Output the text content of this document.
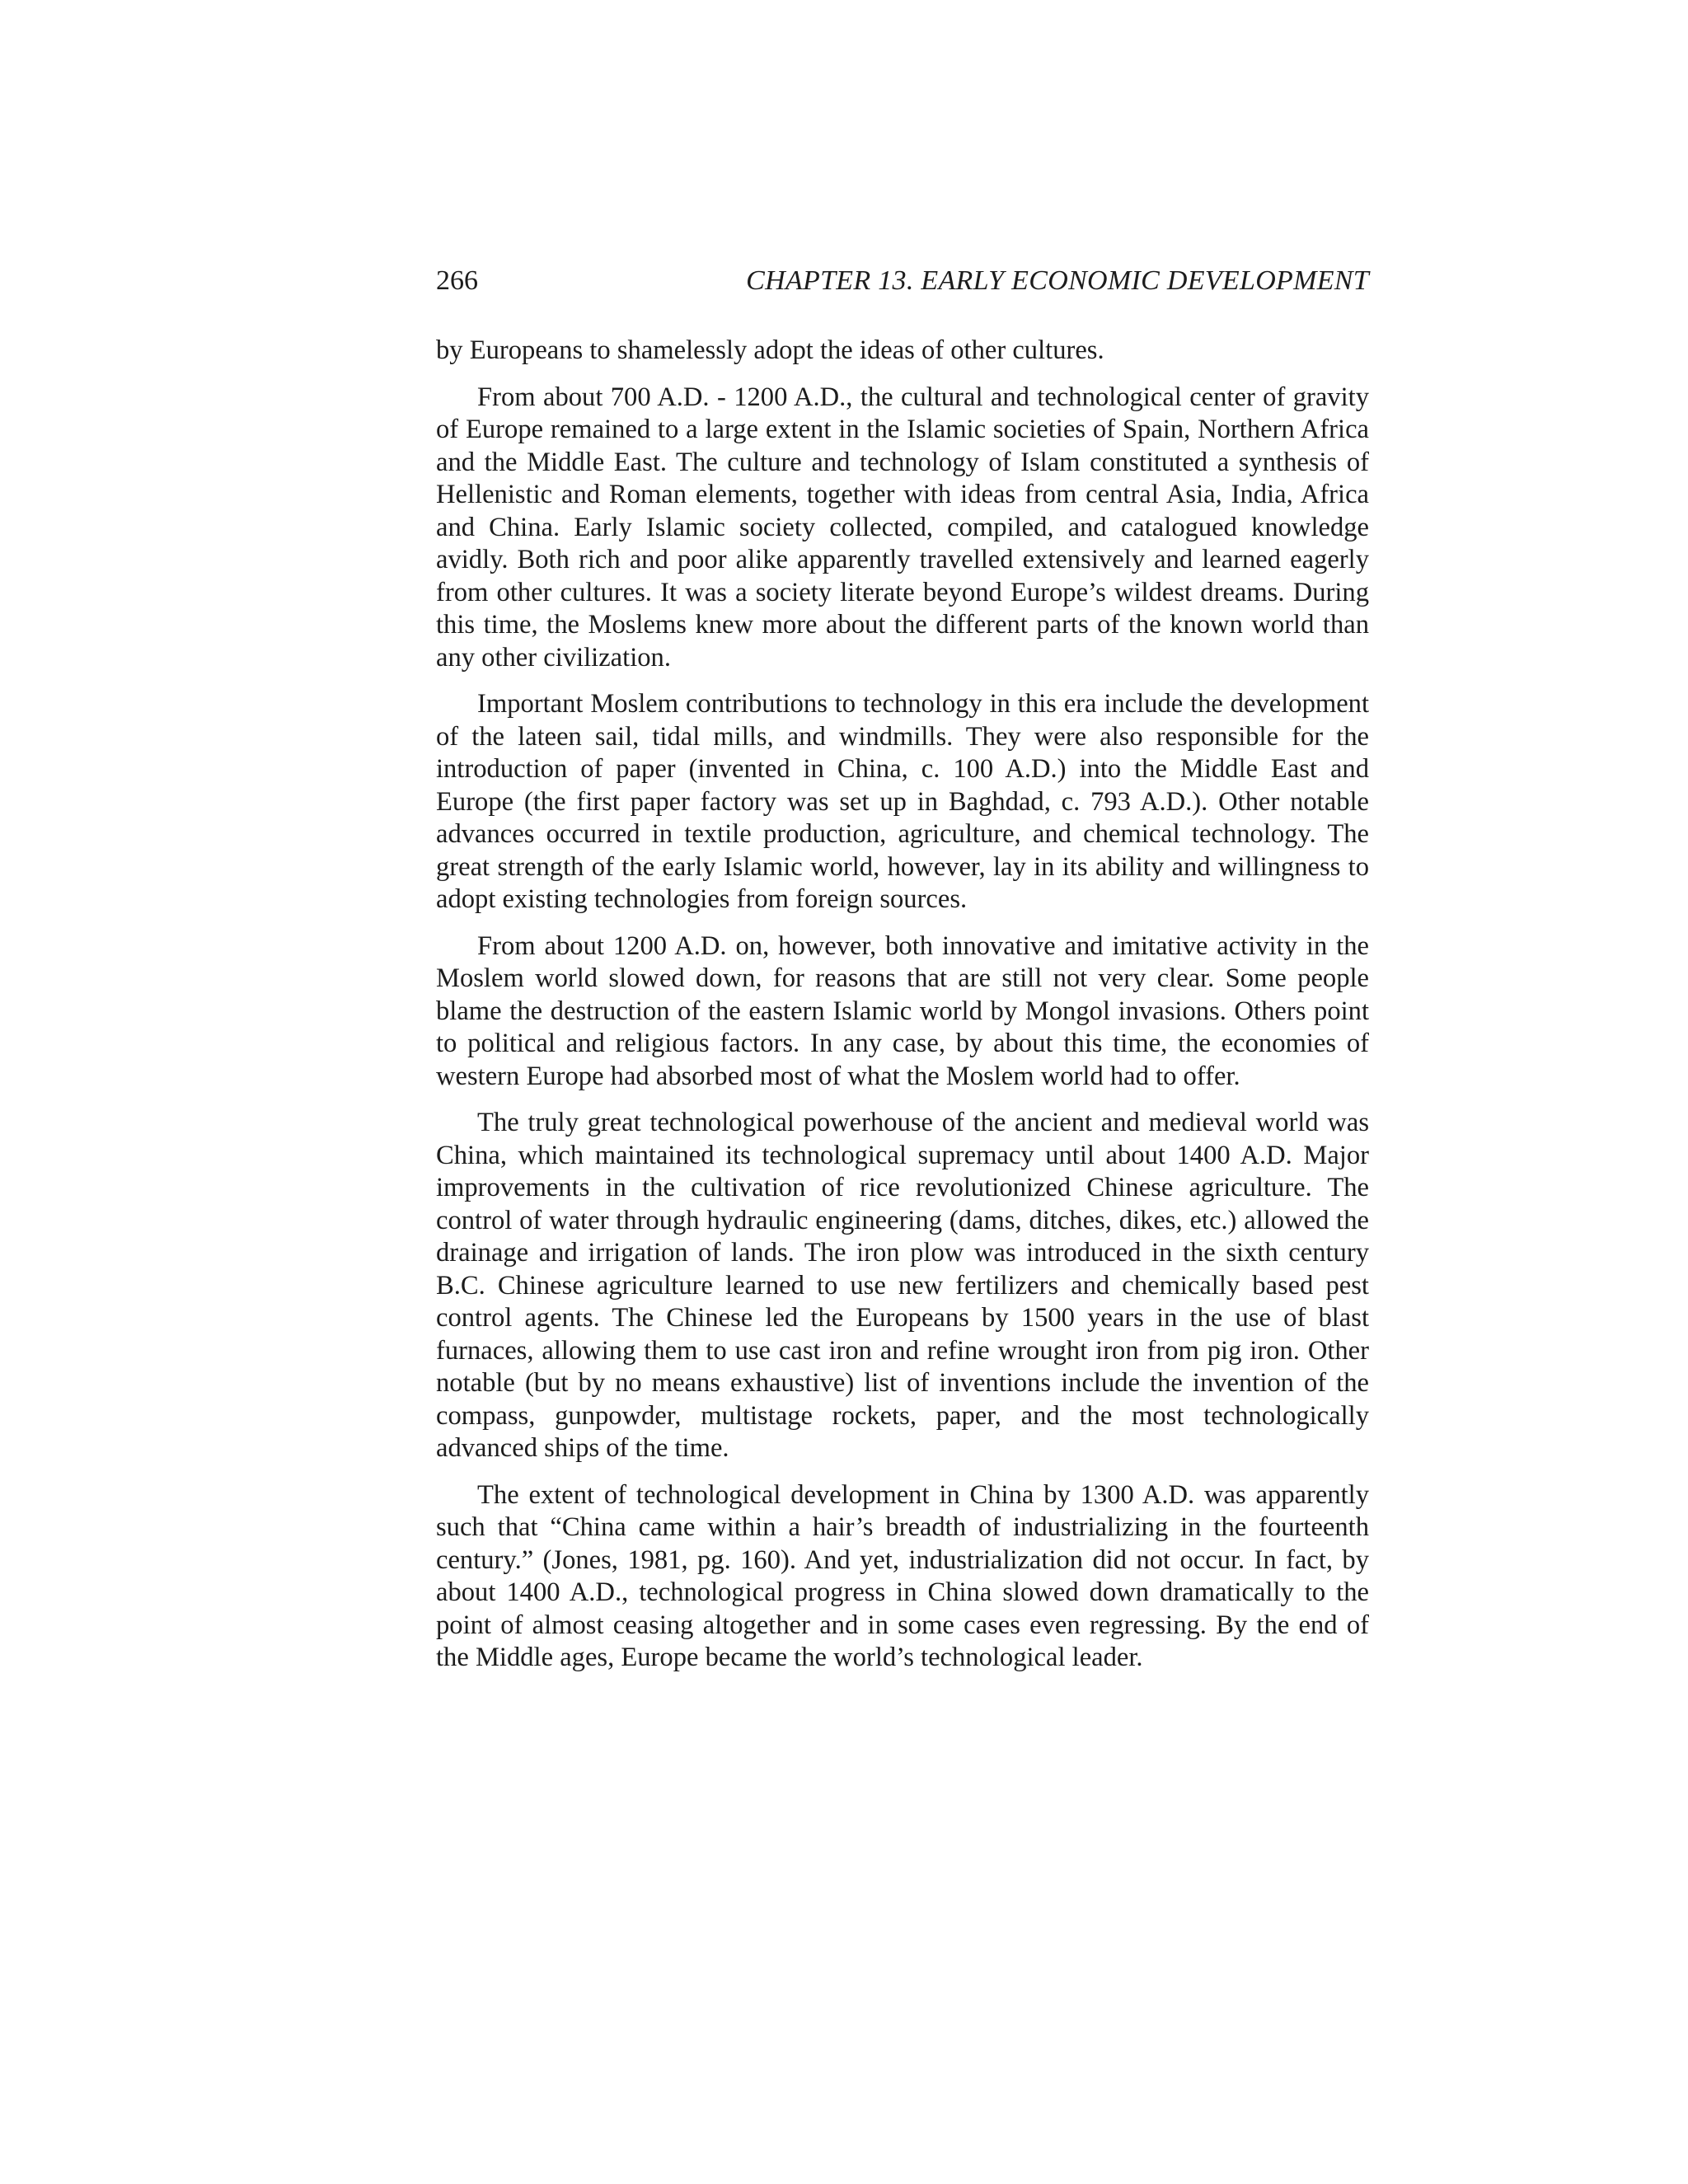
266	CHAPTER 13. EARLY ECONOMIC DEVELOPMENT

by Europeans to shamelessly adopt the ideas of other cultures.

From about 700 A.D. - 1200 A.D., the cultural and technological center of gravity of Europe remained to a large extent in the Islamic societies of Spain, Northern Africa and the Middle East. The culture and technology of Islam constituted a synthesis of Hellenistic and Roman elements, together with ideas from central Asia, India, Africa and China. Early Islamic society collected, compiled, and catalogued knowledge avidly. Both rich and poor alike apparently travelled extensively and learned eagerly from other cultures. It was a society literate beyond Europe’s wildest dreams. During this time, the Moslems knew more about the different parts of the known world than any other civilization.

Important Moslem contributions to technology in this era include the development of the lateen sail, tidal mills, and windmills. They were also responsible for the introduction of paper (invented in China, c. 100 A.D.) into the Middle East and Europe (the first paper factory was set up in Baghdad, c. 793 A.D.). Other notable advances occurred in textile production, agriculture, and chemical technology. The great strength of the early Islamic world, however, lay in its ability and willingness to adopt existing technologies from foreign sources.

From about 1200 A.D. on, however, both innovative and imitative activity in the Moslem world slowed down, for reasons that are still not very clear. Some people blame the destruction of the eastern Islamic world by Mongol invasions. Others point to political and religious factors. In any case, by about this time, the economies of western Europe had absorbed most of what the Moslem world had to offer.

The truly great technological powerhouse of the ancient and medieval world was China, which maintained its technological supremacy until about 1400 A.D. Major improvements in the cultivation of rice revolutionized Chinese agriculture. The control of water through hydraulic engineering (dams, ditches, dikes, etc.) allowed the drainage and irrigation of lands. The iron plow was introduced in the sixth century B.C. Chinese agriculture learned to use new fertilizers and chemically based pest control agents. The Chinese led the Europeans by 1500 years in the use of blast furnaces, allowing them to use cast iron and refine wrought iron from pig iron. Other notable (but by no means exhaustive) list of inventions include the invention of the compass, gunpowder, multistage rockets, paper, and the most technologically advanced ships of the time.

The extent of technological development in China by 1300 A.D. was apparently such that “China came within a hair’s breadth of industrializing in the fourteenth century.” (Jones, 1981, pg. 160). And yet, industrialization did not occur. In fact, by about 1400 A.D., technological progress in China slowed down dramatically to the point of almost ceasing altogether and in some cases even regressing. By the end of the Middle ages, Europe became the world’s technological leader.
